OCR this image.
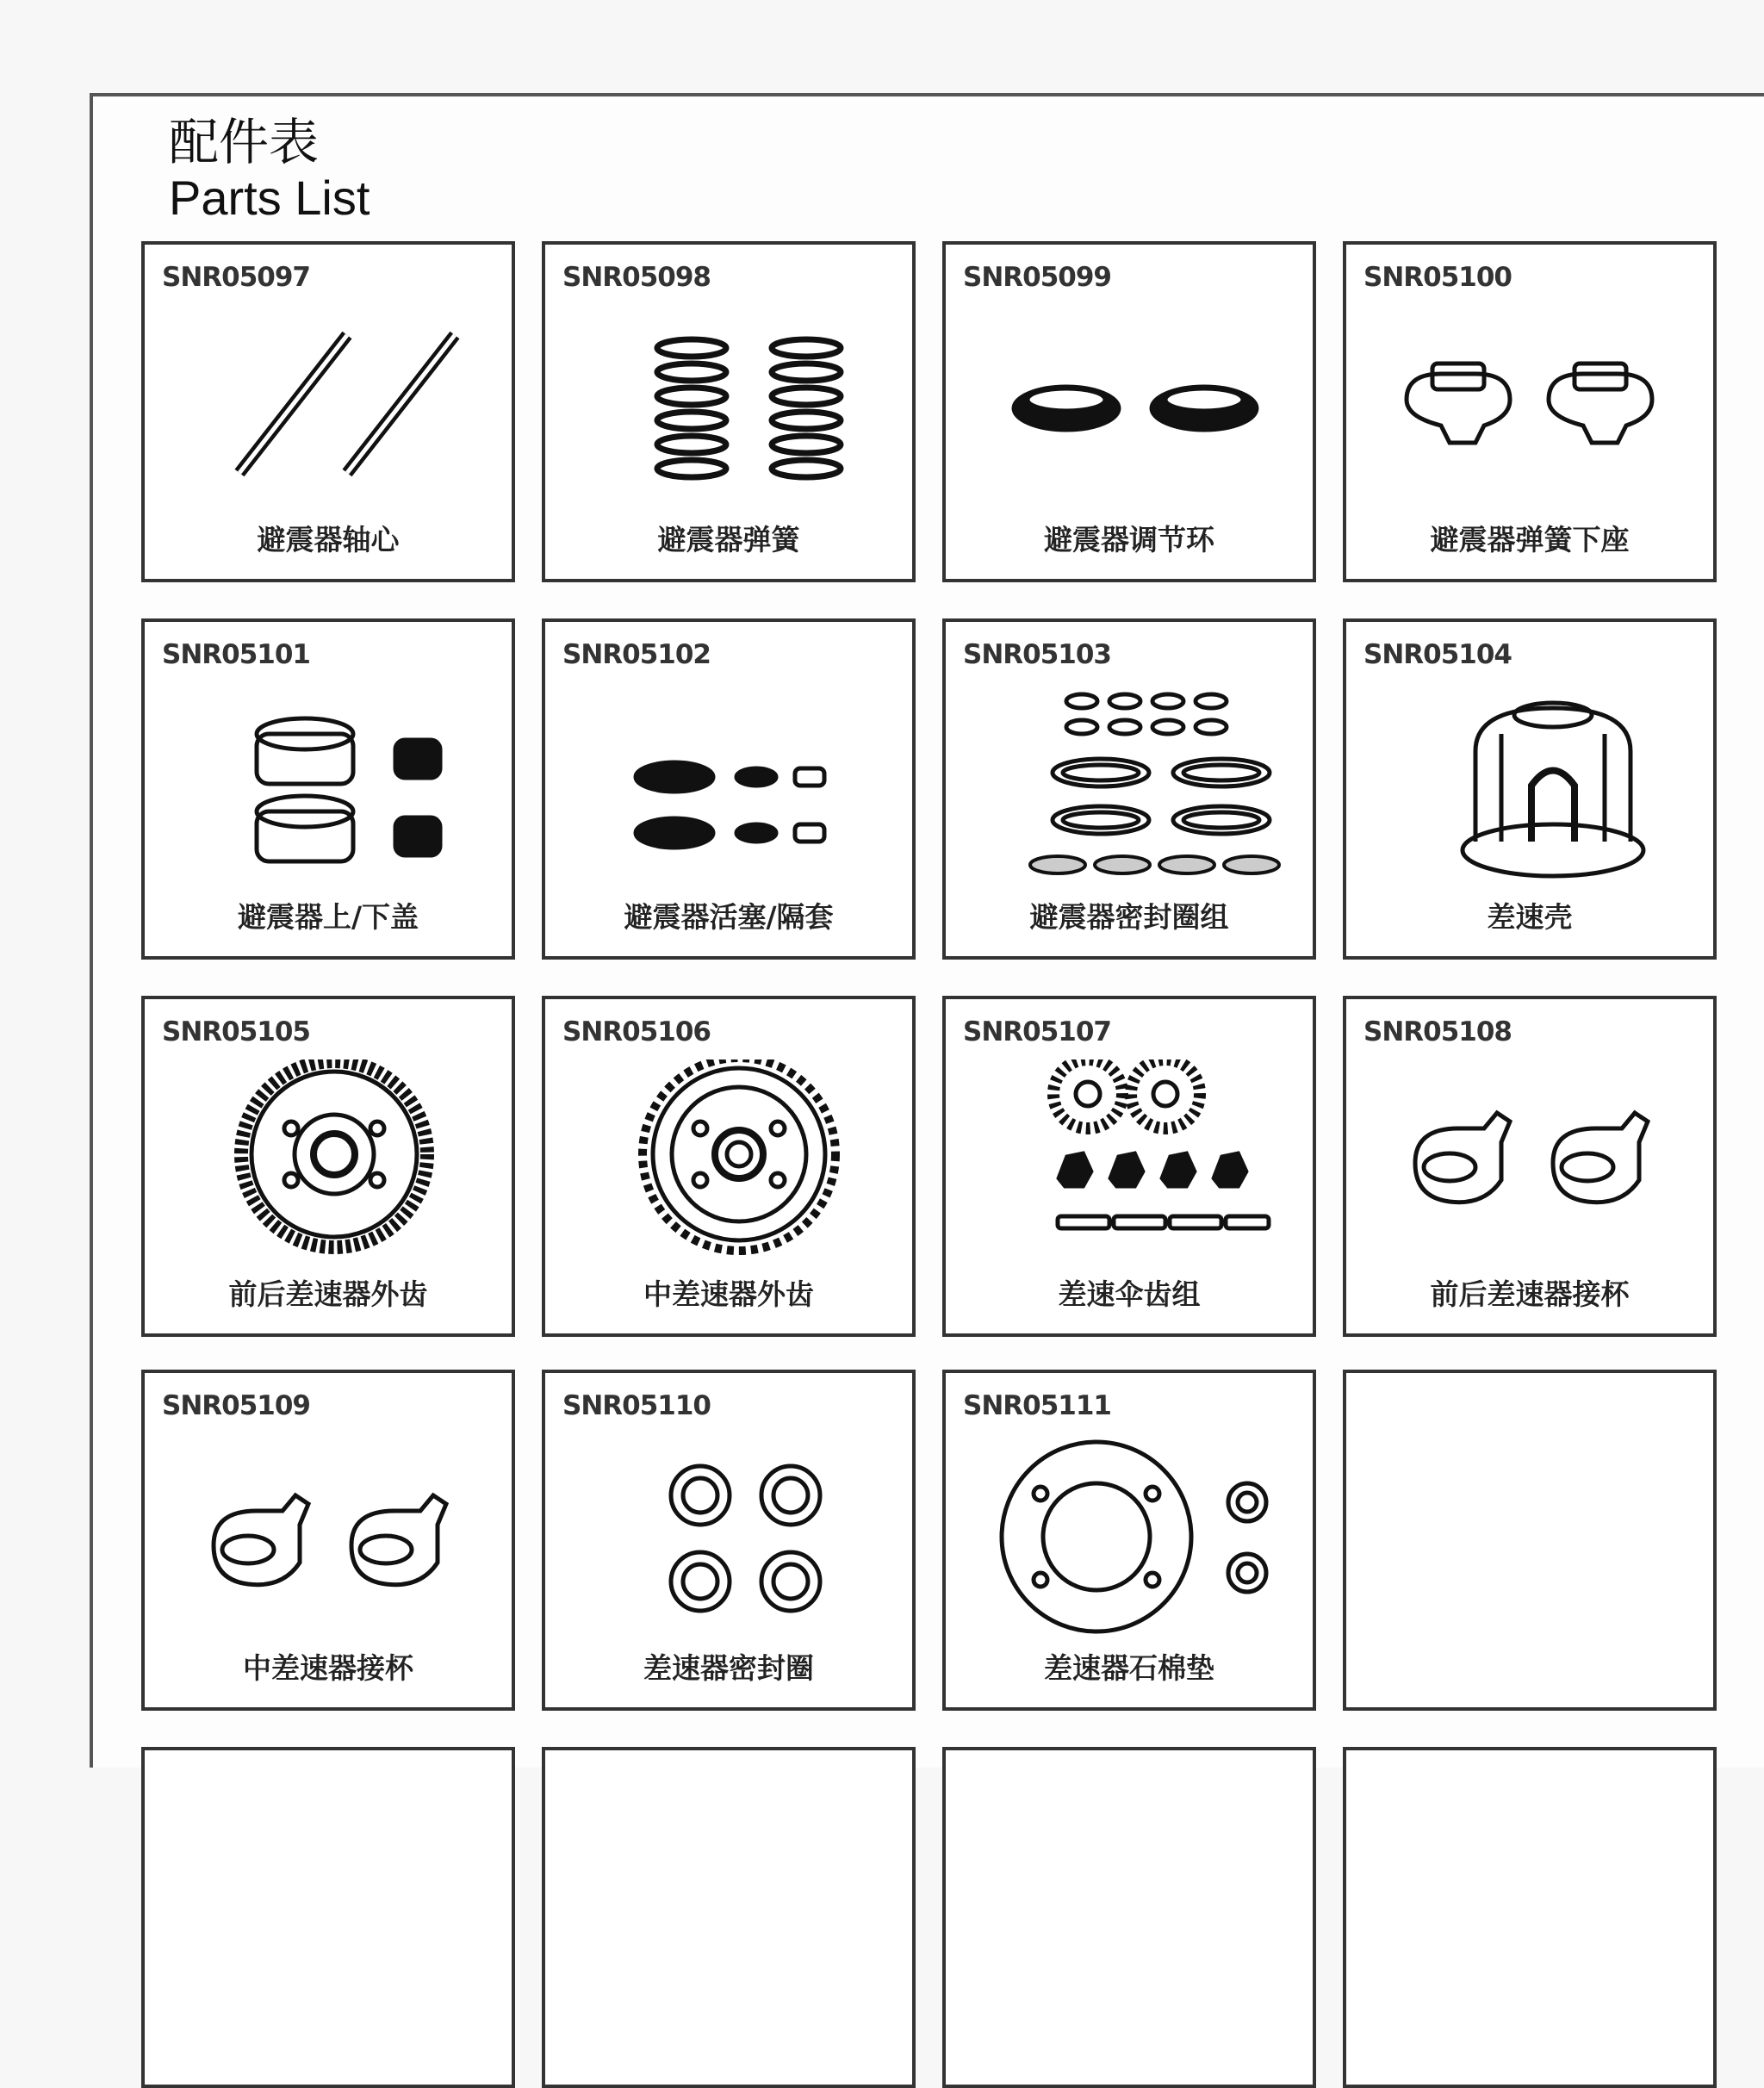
配件表
Parts List
SNR05097
避震器轴心
SNR05098
避震器弹簧
SNR05099
避震器调节环
SNR05100
避震器弹簧下座
SNR05101
避震器上/下盖
SNR05102
避震器活塞/隔套
SNR05103
避震器密封圈组
SNR05104
差速壳
SNR05105
前后差速器外齿
SNR05106
中差速器外齿
SNR05107
差速伞齿组
SNR05108
前后差速器接杯
SNR05109
中差速器接杯
SNR05110
差速器密封圈
SNR05111
差速器石棉垫
